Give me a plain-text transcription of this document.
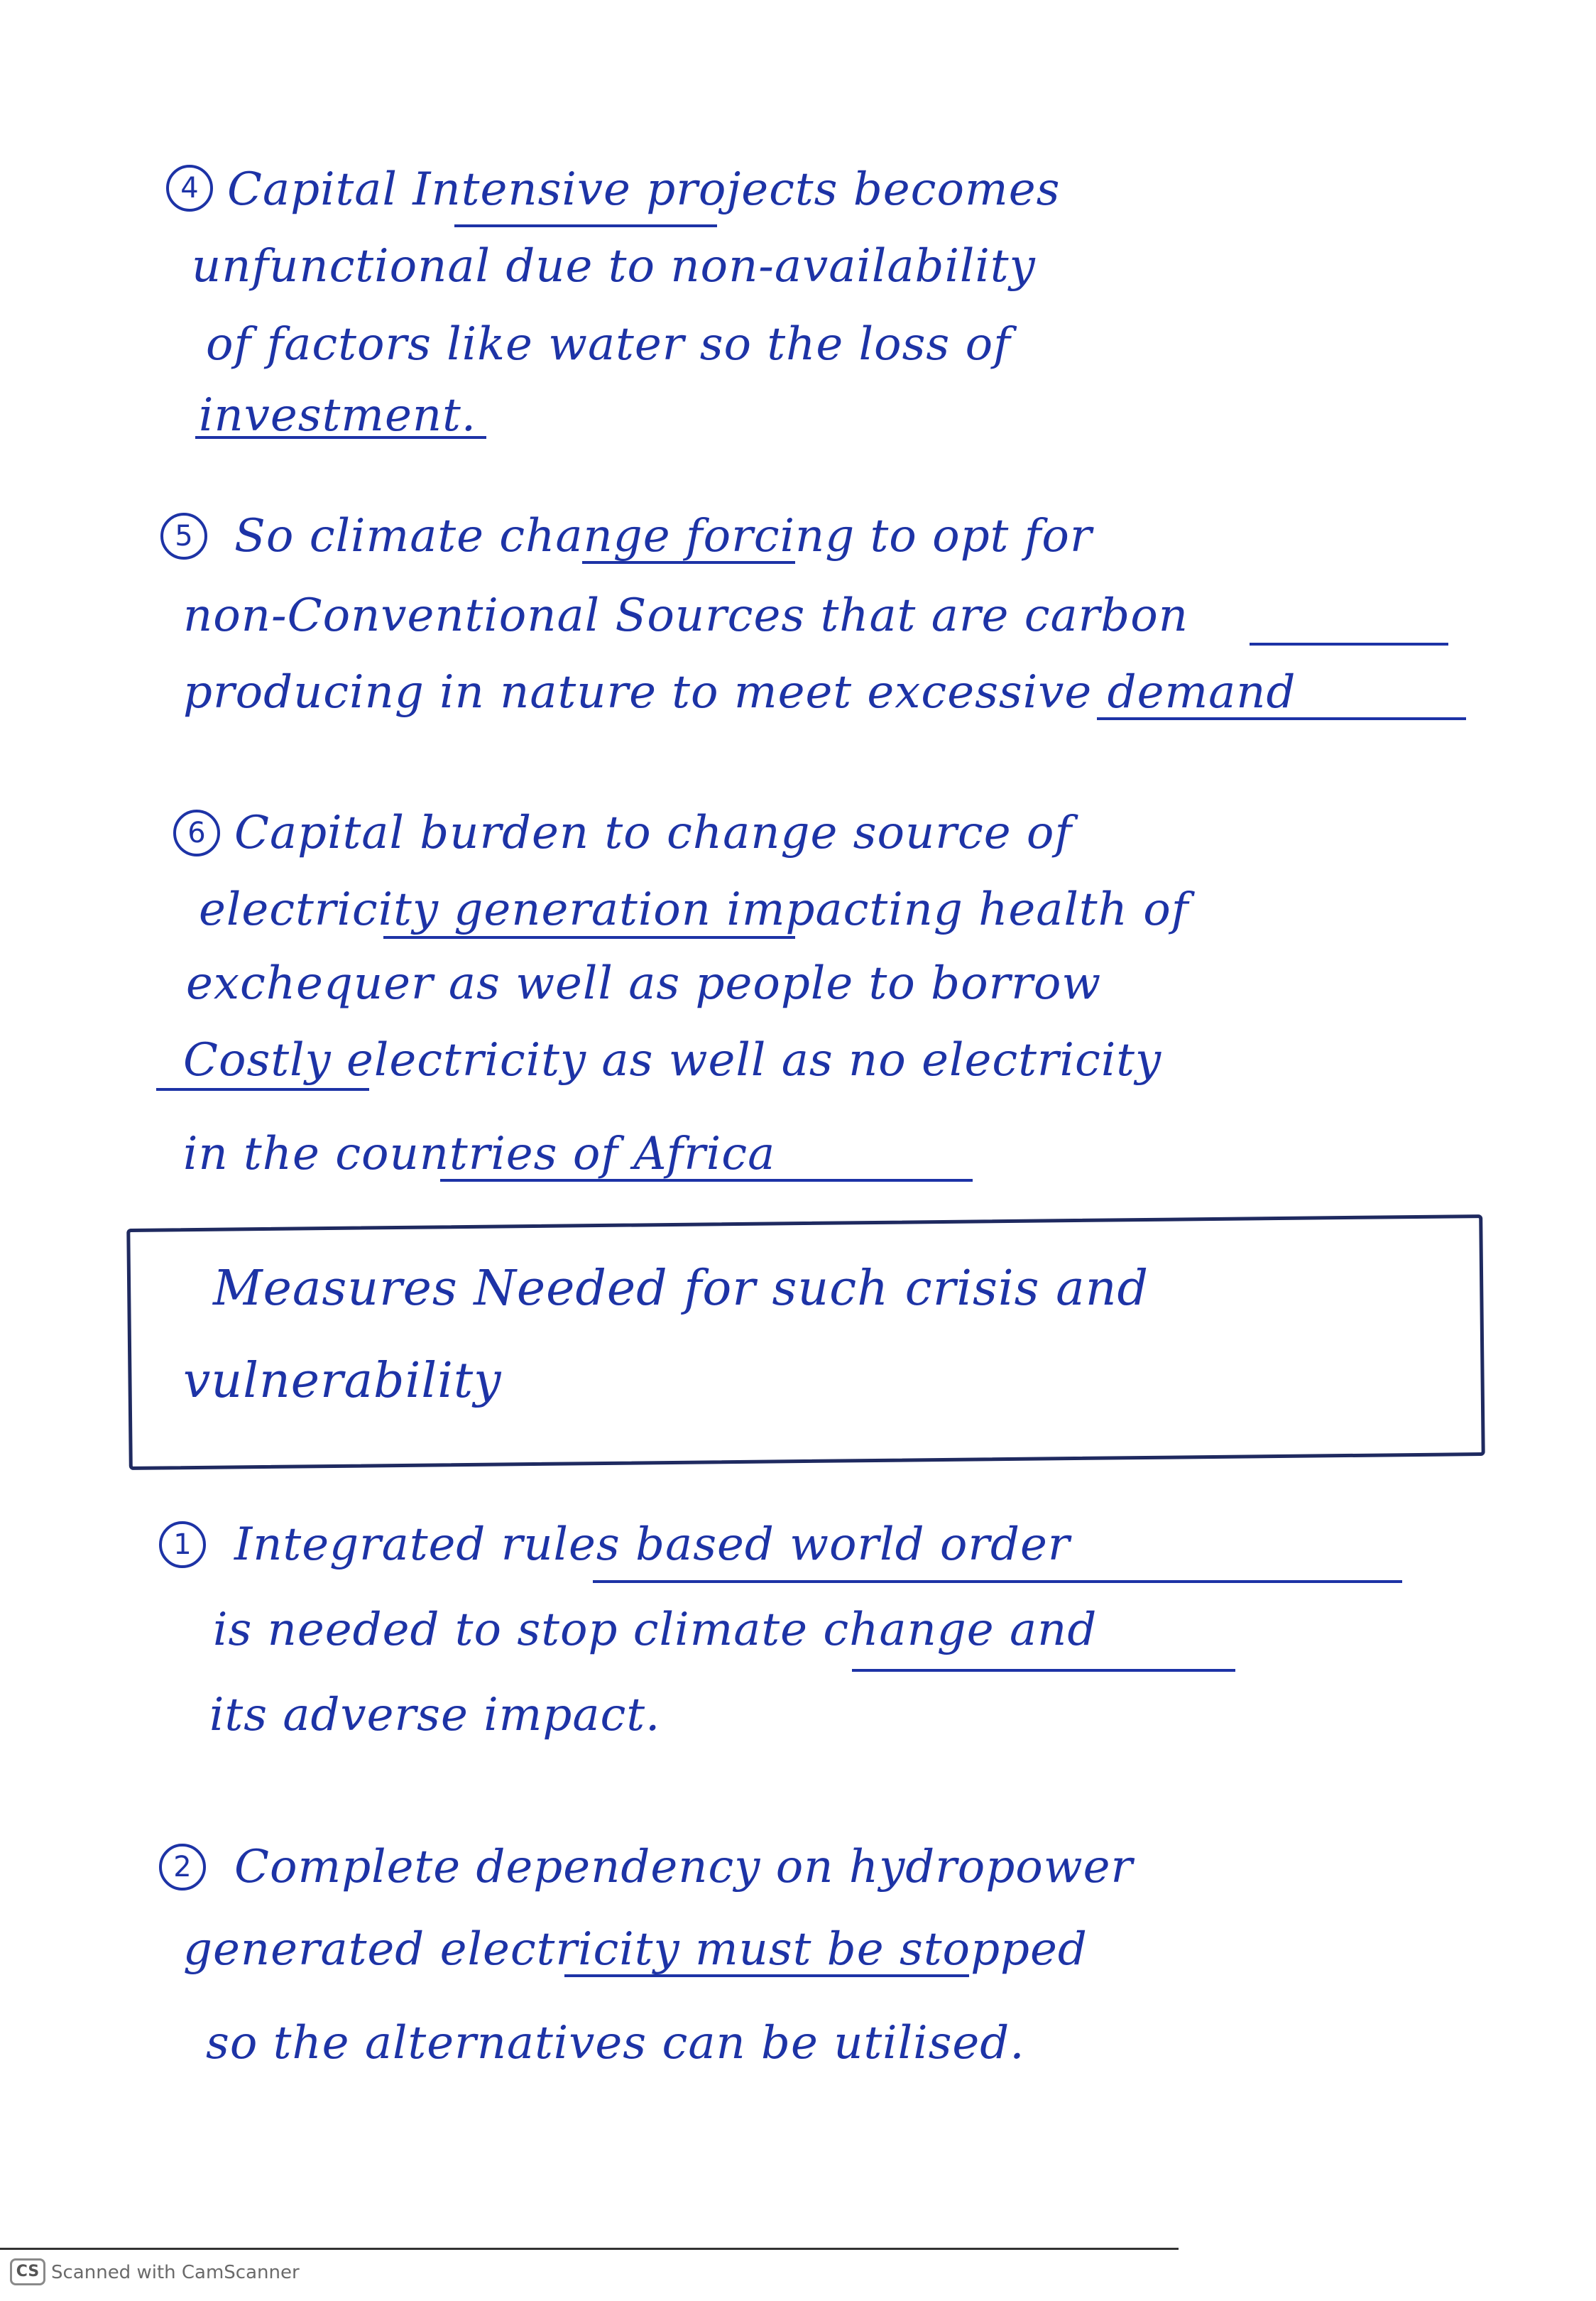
4 Capital Intensive projects becomes
unfunctional due to non-availability
of factors like water so the loss of
investment.
5 So climate change forcing to opt for
non-Conventional Sources that are carbon
producing in nature to meet excessive demand
6 Capital burden to change source of
electricity generation impacting health of
exchequer as well as people to borrow
Costly electricity as well as no electricity
in the countries of Africa
Measures Needed for such crisis and
vulnerability
1 Integrated rules based world order
is needed to stop climate change and
its adverse impact.
2 Complete dependency on hydropower
generated electricity must be stopped
so the alternatives can be utilised.
CS Scanned with CamScanner
